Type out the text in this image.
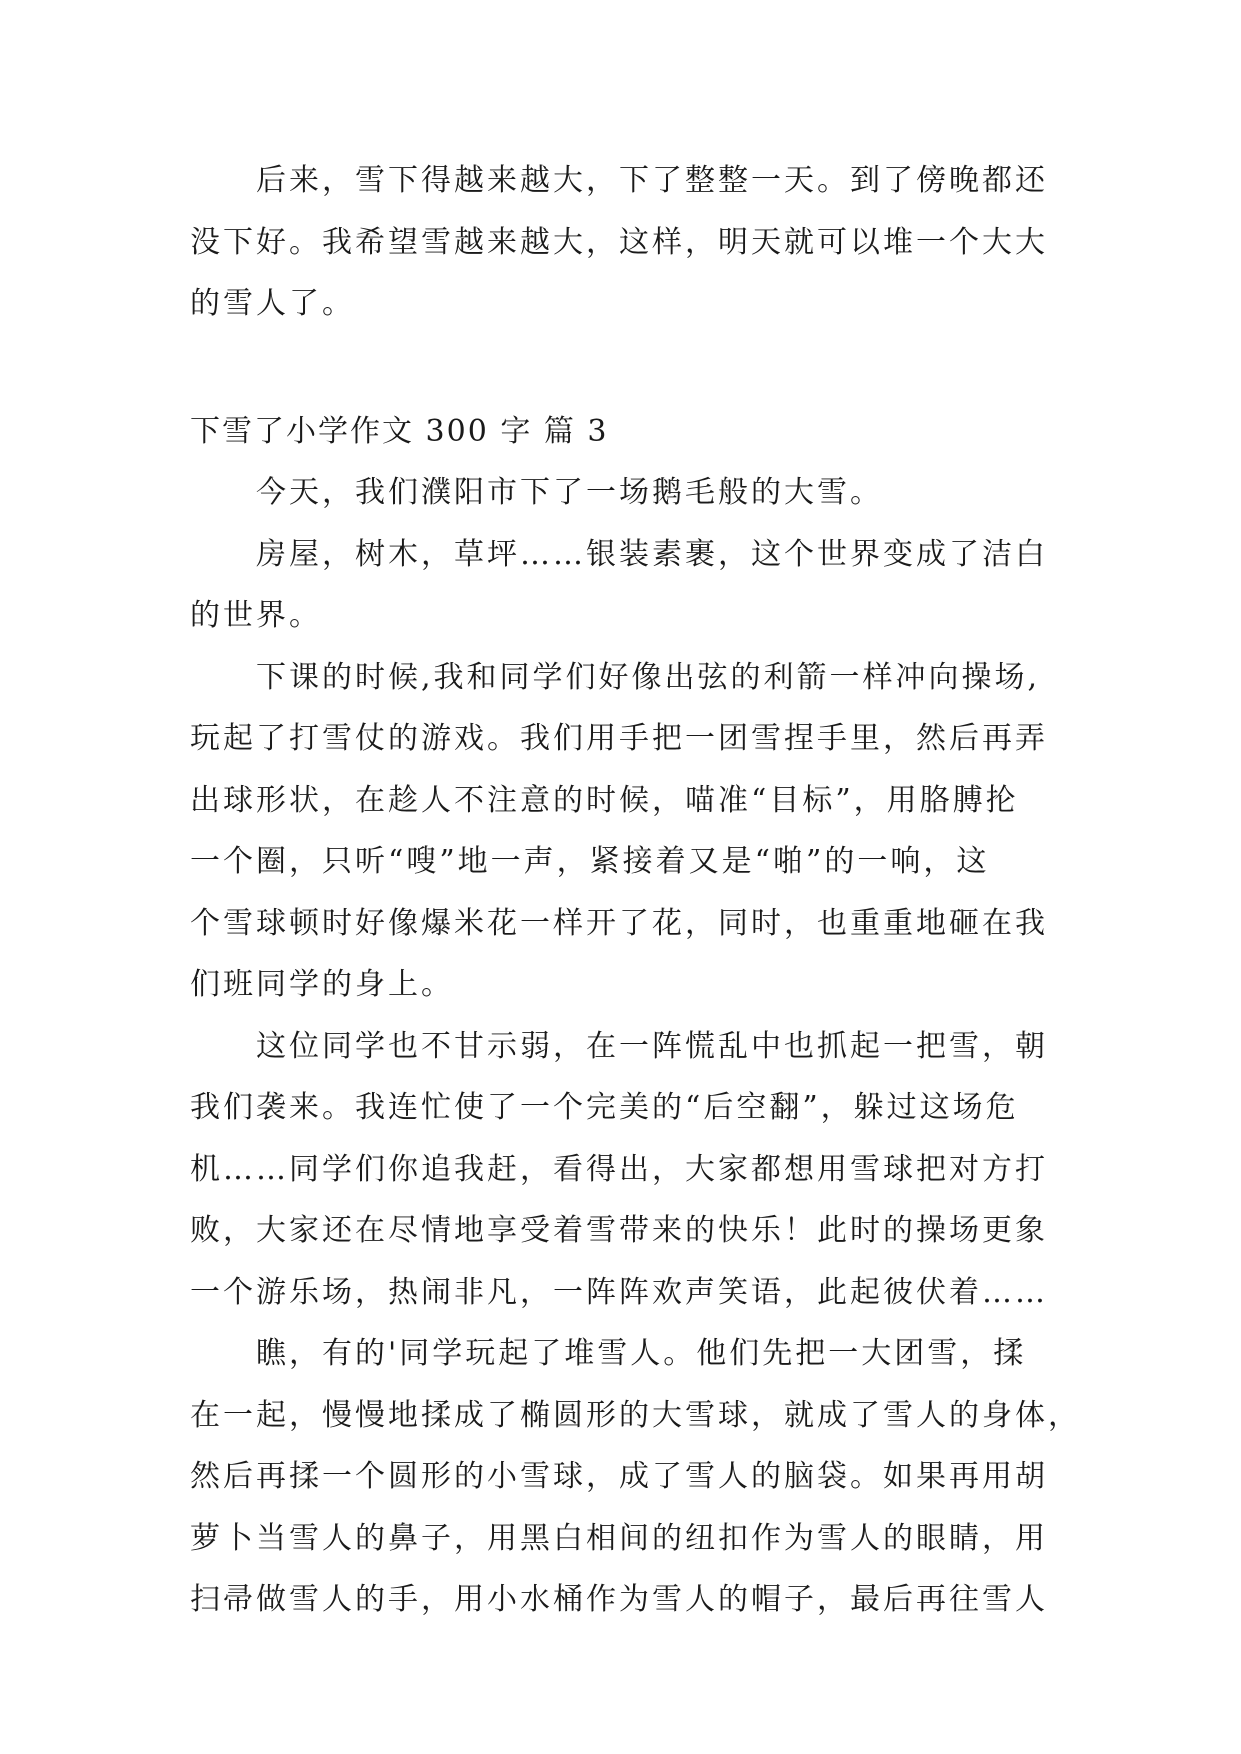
后来，雪下得越来越大，下了整整一天。到了傍晚都还
没下好。我希望雪越来越大，这样，明天就可以堆一个大大
的雪人了。
下雪了小学作文 300 字 篇 3
今天，我们濮阳市下了一场鹅毛般的大雪。
房屋，树木，草坪……银装素裹，这个世界变成了洁白
的世界。
下课的时候,我和同学们好像出弦的利箭一样冲向操场,
玩起了打雪仗的游戏。我们用手把一团雪捏手里，然后再弄
出球形状，在趁人不注意的时候，喵准“目标”，用胳膊抡
一个圈，只听“嗖”地一声，紧接着又是“啪”的一响，这
个雪球顿时好像爆米花一样开了花，同时，也重重地砸在我
们班同学的身上。
这位同学也不甘示弱，在一阵慌乱中也抓起一把雪，朝
我们袭来。我连忙使了一个完美的“后空翻”，躲过这场危
机……同学们你追我赶，看得出，大家都想用雪球把对方打
败，大家还在尽情地享受着雪带来的快乐！此时的操场更象
一个游乐场，热闹非凡，一阵阵欢声笑语，此起彼伏着……
瞧，有的'同学玩起了堆雪人。他们先把一大团雪，揉
在一起，慢慢地揉成了椭圆形的大雪球，就成了雪人的身体，
然后再揉一个圆形的小雪球，成了雪人的脑袋。如果再用胡
萝卜当雪人的鼻子，用黑白相间的纽扣作为雪人的眼睛，用
扫帚做雪人的手，用小水桶作为雪人的帽子，最后再往雪人
